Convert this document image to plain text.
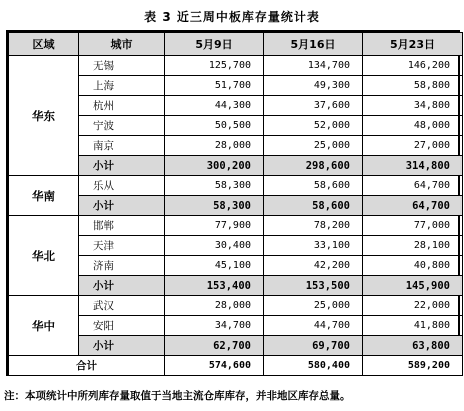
表 3 近三周中板库存量统计表
区域	城市	5月9日	5月16日	5月23日
华东	无锡	125,700	134,700	146,200
	上海	51,700	49,300	58,800
	杭州	44,300	37,600	34,800
	宁波	50,500	52,000	48,000
	南京	28,000	25,000	27,000
	小计	300,200	298,600	314,800
华南	乐从	58,300	58,600	64,700
	小计	58,300	58,600	64,700
华北	邯郸	77,900	78,200	77,000
	天津	30,400	33,100	28,100
	济南	45,100	42,200	40,800
	小计	153,400	153,500	145,900
华中	武汉	28,000	25,000	22,000
	安阳	34,700	44,700	41,800
	小计	62,700	69,700	63,800
合计		574,600	580,400	589,200
注：本项统计中所列库存量取值于当地主流仓库库存，并非地区库存总量。
